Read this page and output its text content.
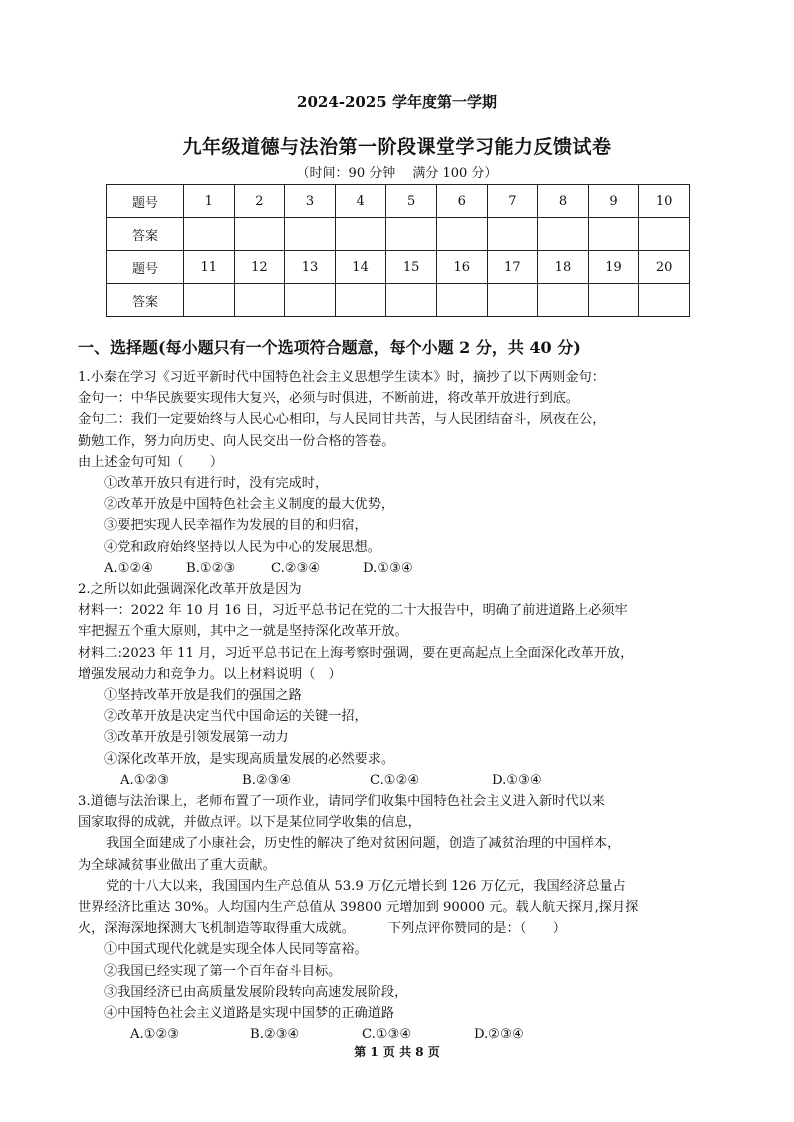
2024-2025 学年度第一学期
九年级道德与法治第一阶段课堂学习能力反馈试卷
（时间：90 分钟　 满分 100 分）
题号	1	2	3	4	5	6	7	8	9	10
答案										
题号	11	12	13	14	15	16	17	18	19	20
答案										
一、选择题(每小题只有一个选项符合题意，每个小题 2 分，共 40 分)

1.小秦在学习《习近平新时代中国特色社会主义思想学生读本》时，摘抄了以下两则金句：

金句一：中华民族要实现伟大复兴，必须与时俱进，不断前进，将改革开放进行到底。

金句二：我们一定要始终与人民心心相印，与人民同甘共苦，与人民团结奋斗，夙夜在公，

勤勉工作，努力向历史、向人民交出一份合格的答卷。

由上述金句可知（　　）

①改革开放只有进行时，没有完成时，

②改革开放是中国特色社会主义制度的最大优势，

③要把实现人民幸福作为发展的目的和归宿，

④党和政府始终坚持以人民为中心的发展思想。

A.①②④	B.①②③	C.②③④	D.①③④

2.之所以如此强调深化改革开放是因为

材料一：2022 年 10 月 16 日，习近平总书记在党的二十大报告中，明确了前进道路上必须牢

牢把握五个重大原则，其中之一就是坚持深化改革开放。

材料二:2023 年 11 月，习近平总书记在上海考察时强调，要在更高起点上全面深化改革开放，

增强发展动力和竞争力。以上材料说明（　）

①坚持改革开放是我们的强国之路

②改革开放是决定当代中国命运的关键一招，

③改革开放是引领发展第一动力

④深化改革开放，是实现高质量发展的必然要求。

A.①②③	B.②③④	C.①②④	D.①③④

3.道德与法治课上，老师布置了一项作业，请同学们收集中国特色社会主义进入新时代以来

国家取得的成就，并做点评。以下是某位同学收集的信息，

我国全面建成了小康社会，历史性的解决了绝对贫困问题，创造了减贫治理的中国样本，

为全球减贫事业做出了重大贡献。

党的十八大以来，我国国内生产总值从 53.9 万亿元增长到 126 万亿元，我国经济总量占

世界经济比重达 30%。人均国内生产总值从 39800 元增加到 90000 元。载人航天探月,探月探

火，深海深地探测大飞机制造等取得重大成就。　　　下列点评你赞同的是：（　　）

①中国式现代化就是实现全体人民同等富裕。

②我国已经实现了第一个百年奋斗目标。

③我国经济已由高质量发展阶段转向高速发展阶段，

④中国特色社会主义道路是实现中国梦的正确道路

A.①②③	B.②③④	C.①③④	D.②③④

第 1 页 共 8 页
